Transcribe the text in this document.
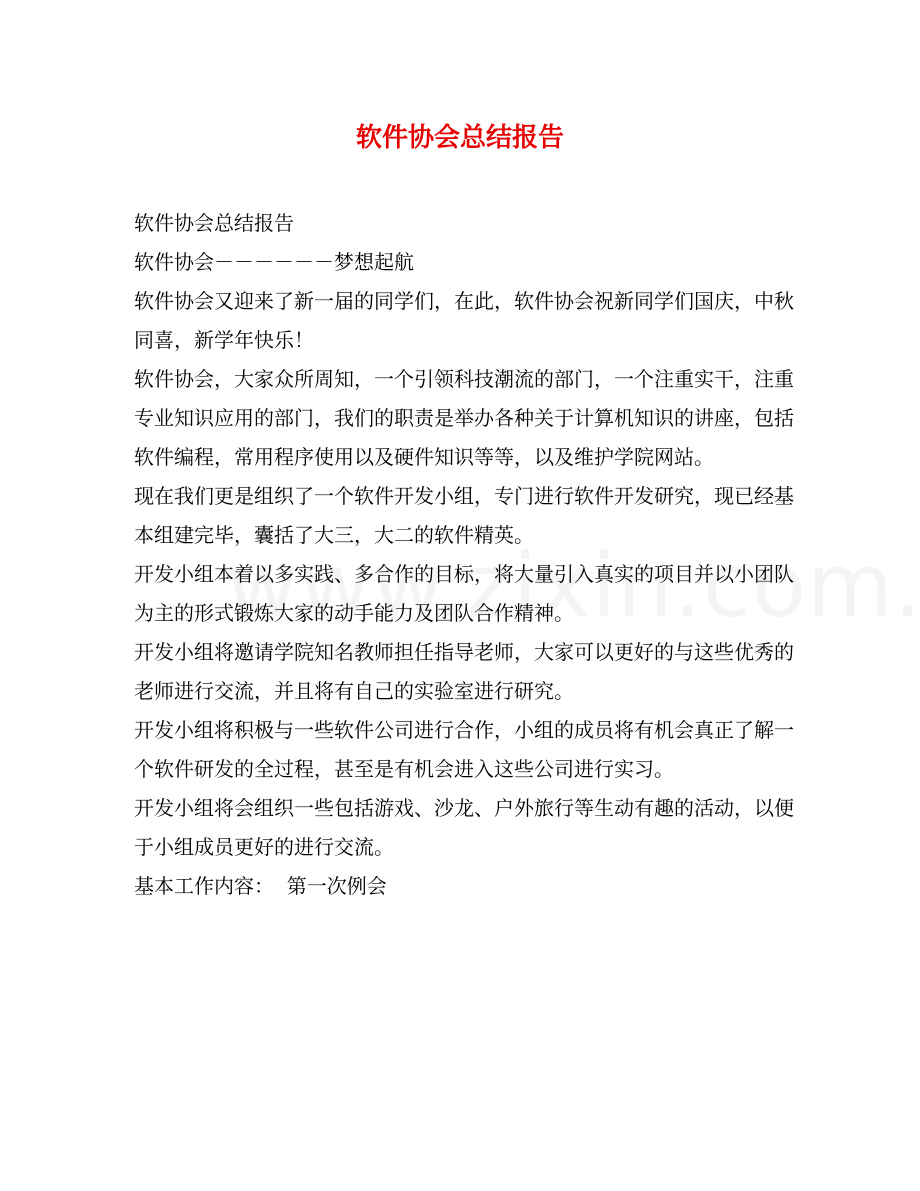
软件协会总结报告

软件协会总结报告

软件协会－－－－－－梦想起航

软件协会又迎来了新一届的同学们，在此，软件协会祝新同学们国庆，中秋同喜，新学年快乐！

软件协会，大家众所周知，一个引领科技潮流的部门，一个注重实干，注重专业知识应用的部门，我们的职责是举办各种关于计算机知识的讲座，包括软件编程，常用程序使用以及硬件知识等等，以及维护学院网站。

现在我们更是组织了一个软件开发小组，专门进行软件开发研究，现已经基本组建完毕，囊括了大三，大二的软件精英。

开发小组本着以多实践、多合作的目标，将大量引入真实的项目并以小团队为主的形式锻炼大家的动手能力及团队合作精神。

开发小组将邀请学院知名教师担任指导老师，大家可以更好的与这些优秀的老师进行交流，并且将有自己的实验室进行研究。

开发小组将积极与一些软件公司进行合作，小组的成员将有机会真正了解一个软件研发的全过程，甚至是有机会进入这些公司进行实习。

开发小组将会组织一些包括游戏、沙龙、户外旅行等生动有趣的活动，以便于小组成员更好的进行交流。

基本工作内容：  第一次例会
